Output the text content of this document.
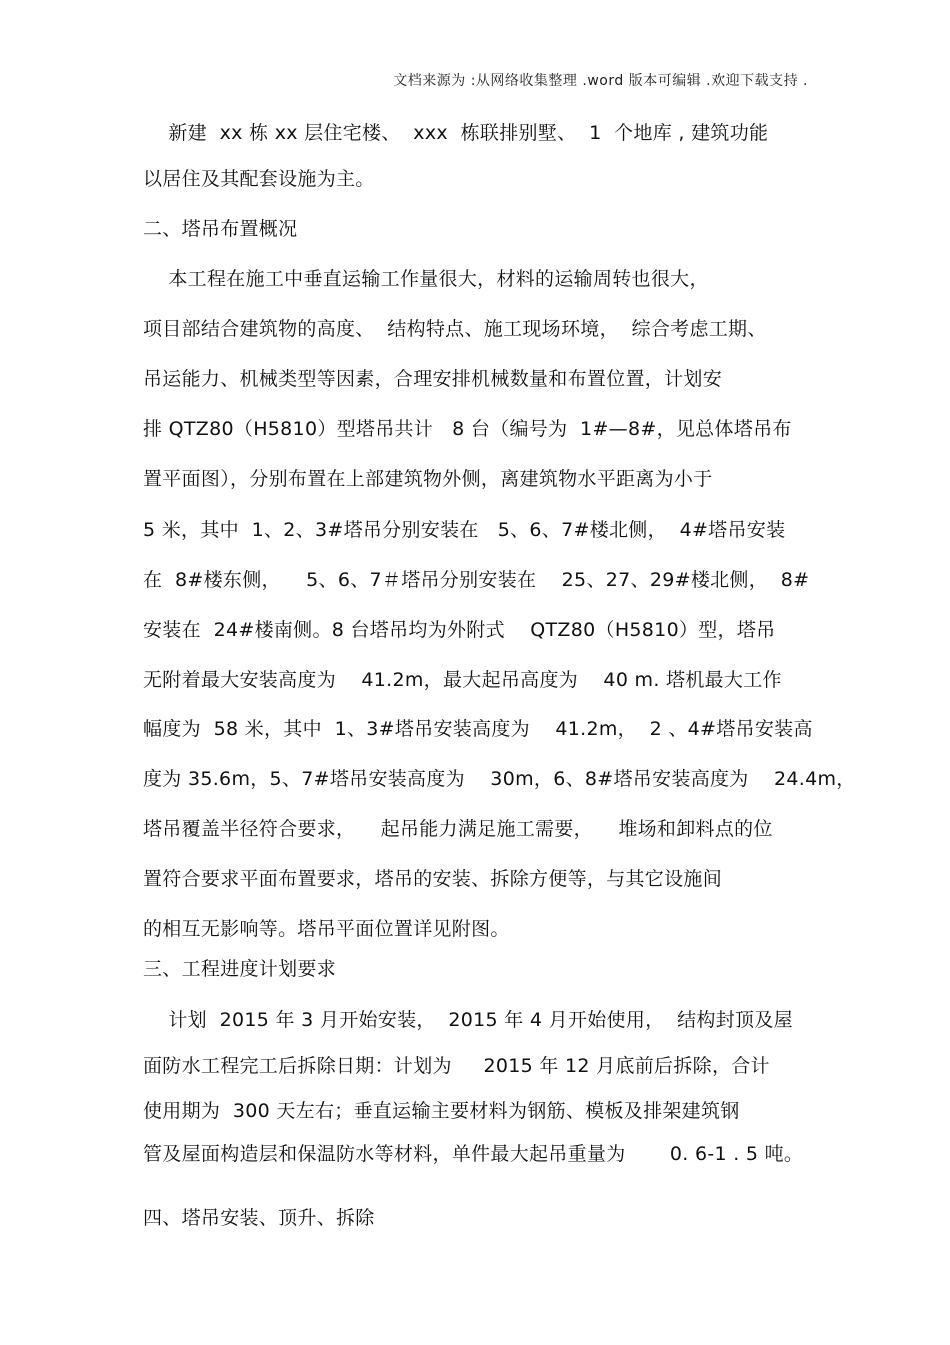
文档来源为 :从网络收集整理 .word 版本可编辑 .欢迎下载支持 .
新建  xx 栋 xx 层住宅楼、  xxx  栋联排别墅、  1  个地库 , 建筑功能
以居住及其配套设施为主。
二、塔吊布置概况
本工程在施工中垂直运输工作量很大，材料的运输周转也很大，
项目部结合建筑物的高度、  结构特点、施工现场环境，  综合考虑工期、
吊运能力、机械类型等因素，合理安排机械数量和布置位置，计划安
排 QTZ80（H5810）型塔吊共计   8 台（编号为  1#—8#，见总体塔吊布
置平面图），分别布置在上部建筑物外侧，离建筑物水平距离为小于
5 米，其中  1、2、3#塔吊分别安装在   5、6、7#楼北侧，  4#塔吊安装
在  8#楼东侧，    5、6、7＃塔吊分别安装在    25、27、29#楼北侧，  8#
安装在  24#楼南侧。8 台塔吊均为外附式    QTZ80（H5810）型，塔吊
无附着最大安装高度为    41.2m，最大起吊高度为    40 m. 塔机最大工作
幅度为  58 米，其中  1、3#塔吊安装高度为    41.2m，  2 、4#塔吊安装高
度为 35.6m，5、7#塔吊安装高度为    30m，6、8#塔吊安装高度为    24.4m，
塔吊覆盖半径符合要求，    起吊能力满足施工需要，    堆场和卸料点的位
置符合要求平面布置要求，塔吊的安装、拆除方便等，与其它设施间
的相互无影响等。塔吊平面位置详见附图。
三、工程进度计划要求
计划  2015 年 3 月开始安装，  2015 年 4 月开始使用，  结构封顶及屋
面防水工程完工后拆除日期：计划为     2015 年 12 月底前后拆除，合计
使用期为  300 天左右；垂直运输主要材料为钢筋、模板及排架建筑钢
管及屋面构造层和保温防水等材料，单件最大起吊重量为       0. 6-1 . 5 吨。
四、塔吊安装、顶升、拆除
